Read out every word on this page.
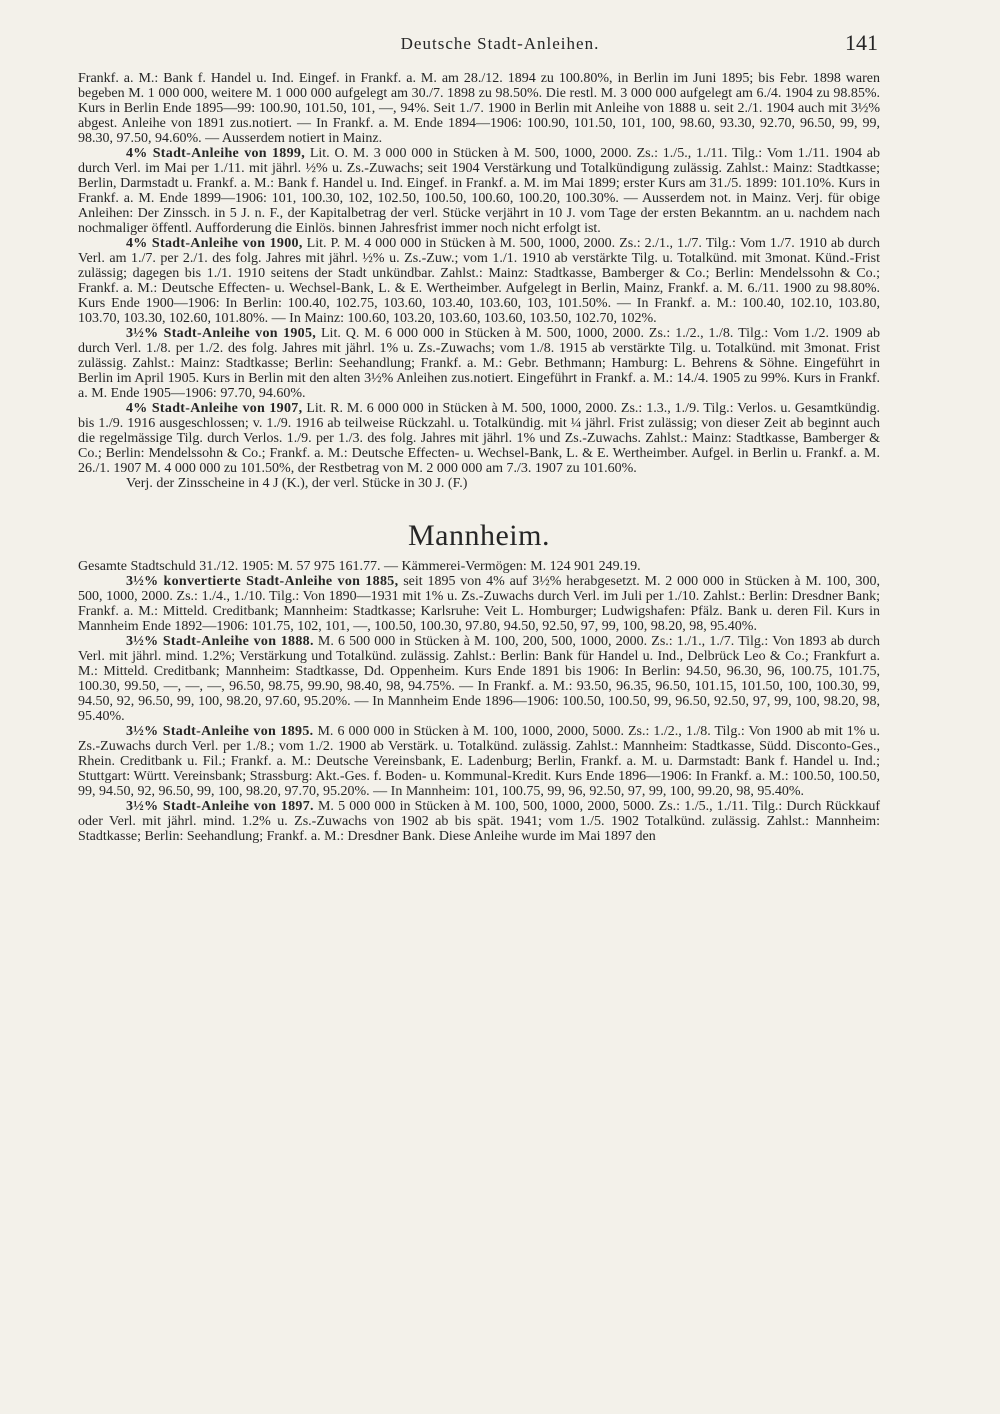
Deutsche Stadt-Anleihen.	141

Frankf. a. M.: Bank f. Handel u. Ind. Eingef. in Frankf. a. M. am 28./12. 1894 zu 100.80%, in Berlin im Juni 1895; bis Febr. 1898 waren begeben M. 1 000 000, weitere M. 1 000 000 aufgelegt am 30./7. 1898 zu 98.50%. Die restl. M. 3 000 000 aufgelegt am 6./4. 1904 zu 98.85%. Kurs in Berlin Ende 1895—99: 100.90, 101.50, 101, —, 94%. Seit 1./7. 1900 in Berlin mit Anleihe von 1888 u. seit 2./1. 1904 auch mit 3½% abgest. Anleihe von 1891 zus.notiert. — In Frankf. a. M. Ende 1894—1906: 100.90, 101.50, 101, 100, 98.60, 93.30, 92.70, 96.50, 99, 99, 98.30, 97.50, 94.60%. — Ausserdem notiert in Mainz.

4% Stadt-Anleihe von 1899, Lit. O. M. 3 000 000 in Stücken à M. 500, 1000, 2000. Zs.: 1./5., 1./11. Tilg.: Vom 1./11. 1904 ab durch Verl. im Mai per 1./11. mit jährl. ½% u. Zs.-Zuwachs; seit 1904 Verstärkung und Totalkündigung zulässig. Zahlst.: Mainz: Stadtkasse; Berlin, Darmstadt u. Frankf. a. M.: Bank f. Handel u. Ind. Eingef. in Frankf. a. M. im Mai 1899; erster Kurs am 31./5. 1899: 101.10%. Kurs in Frankf. a. M. Ende 1899—1906: 101, 100.30, 102, 102.50, 100.50, 100.60, 100.20, 100.30%. — Ausserdem not. in Mainz. Verj. für obige Anleihen: Der Zinssch. in 5 J. n. F., der Kapitalbetrag der verl. Stücke verjährt in 10 J. vom Tage der ersten Bekanntm. an u. nachdem nach nochmaliger öffentl. Aufforderung die Einlös. binnen Jahresfrist immer noch nicht erfolgt ist.

4% Stadt-Anleihe von 1900, Lit. P. M. 4 000 000 in Stücken à M. 500, 1000, 2000. Zs.: 2./1., 1./7. Tilg.: Vom 1./7. 1910 ab durch Verl. am 1./7. per 2./1. des folg. Jahres mit jährl. ½% u. Zs.-Zuw.; vom 1./1. 1910 ab verstärkte Tilg. u. Totalkünd. mit 3monat. Künd.-Frist zulässig; dagegen bis 1./1. 1910 seitens der Stadt unkündbar. Zahlst.: Mainz: Stadtkasse, Bamberger & Co.; Berlin: Mendelssohn & Co.; Frankf. a. M.: Deutsche Effecten- u. Wechsel-Bank, L. & E. Wertheimber. Aufgelegt in Berlin, Mainz, Frankf. a. M. 6./11. 1900 zu 98.80%. Kurs Ende 1900—1906: In Berlin: 100.40, 102.75, 103.60, 103.40, 103.60, 103, 101.50%. — In Frankf. a. M.: 100.40, 102.10, 103.80, 103.70, 103.30, 102.60, 101.80%. — In Mainz: 100.60, 103.20, 103.60, 103.60, 103.50, 102.70, 102%.

3½% Stadt-Anleihe von 1905, Lit. Q. M. 6 000 000 in Stücken à M. 500, 1000, 2000. Zs.: 1./2., 1./8. Tilg.: Vom 1./2. 1909 ab durch Verl. 1./8. per 1./2. des folg. Jahres mit jährl. 1% u. Zs.-Zuwachs; vom 1./8. 1915 ab verstärkte Tilg. u. Totalkünd. mit 3monat. Frist zulässig. Zahlst.: Mainz: Stadtkasse; Berlin: Seehandlung; Frankf. a. M.: Gebr. Bethmann; Hamburg: L. Behrens & Söhne. Eingeführt in Berlin im April 1905. Kurs in Berlin mit den alten 3½% Anleihen zus.notiert. Eingeführt in Frankf. a. M.: 14./4. 1905 zu 99%. Kurs in Frankf. a. M. Ende 1905—1906: 97.70, 94.60%.

4% Stadt-Anleihe von 1907, Lit. R. M. 6 000 000 in Stücken à M. 500, 1000, 2000. Zs.: 1.3., 1./9. Tilg.: Verlos. u. Gesamtkündig. bis 1./9. 1916 ausgeschlossen; v. 1./9. 1916 ab teilweise Rückzahl. u. Totalkündig. mit ¼ jährl. Frist zulässig; von dieser Zeit ab beginnt auch die regelmässige Tilg. durch Verlos. 1./9. per 1./3. des folg. Jahres mit jährl. 1% und Zs.-Zuwachs. Zahlst.: Mainz: Stadtkasse, Bamberger & Co.; Berlin: Mendelssohn & Co.; Frankf. a. M.: Deutsche Effecten- u. Wechsel-Bank, L. & E. Wertheimber. Aufgel. in Berlin u. Frankf. a. M. 26./1. 1907 M. 4 000 000 zu 101.50%, der Restbetrag von M. 2 000 000 am 7./3. 1907 zu 101.60%.

Verj. der Zinsscheine in 4 J (K.), der verl. Stücke in 30 J. (F.)

Mannheim.

Gesamte Stadtschuld 31./12. 1905: M. 57 975 161.77. — Kämmerei-Vermögen: M. 124 901 249.19.

3½% konvertierte Stadt-Anleihe von 1885, seit 1895 von 4% auf 3½% herabgesetzt. M. 2 000 000 in Stücken à M. 100, 300, 500, 1000, 2000. Zs.: 1./4., 1./10. Tilg.: Von 1890—1931 mit 1% u. Zs.-Zuwachs durch Verl. im Juli per 1./10. Zahlst.: Berlin: Dresdner Bank; Frankf. a. M.: Mitteld. Creditbank; Mannheim: Stadtkasse; Karlsruhe: Veit L. Homburger; Ludwigshafen: Pfälz. Bank u. deren Fil. Kurs in Mannheim Ende 1892—1906: 101.75, 102, 101, —, 100.50, 100.30, 97.80, 94.50, 92.50, 97, 99, 100, 98.20, 98, 95.40%.

3½% Stadt-Anleihe von 1888. M. 6 500 000 in Stücken à M. 100, 200, 500, 1000, 2000. Zs.: 1./1., 1./7. Tilg.: Von 1893 ab durch Verl. mit jährl. mind. 1.2%; Verstärkung und Totalkünd. zulässig. Zahlst.: Berlin: Bank für Handel u. Ind., Delbrück Leo & Co.; Frankfurt a. M.: Mitteld. Creditbank; Mannheim: Stadtkasse, Dd. Oppenheim. Kurs Ende 1891 bis 1906: In Berlin: 94.50, 96.30, 96, 100.75, 101.75, 100.30, 99.50, —, —, —, 96.50, 98.75, 99.90, 98.40, 98, 94.75%. — In Frankf. a. M.: 93.50, 96.35, 96.50, 101.15, 101.50, 100, 100.30, 99, 94.50, 92, 96.50, 99, 100, 98.20, 97.60, 95.20%. — In Mannheim Ende 1896—1906: 100.50, 100.50, 99, 96.50, 92.50, 97, 99, 100, 98.20, 98, 95.40%.

3½% Stadt-Anleihe von 1895. M. 6 000 000 in Stücken à M. 100, 1000, 2000, 5000. Zs.: 1./2., 1./8. Tilg.: Von 1900 ab mit 1% u. Zs.-Zuwachs durch Verl. per 1./8.; vom 1./2. 1900 ab Verstärk. u. Totalkünd. zulässig. Zahlst.: Mannheim: Stadtkasse, Südd. Disconto-Ges., Rhein. Creditbank u. Fil.; Frankf. a. M.: Deutsche Vereinsbank, E. Ladenburg; Berlin, Frankf. a. M. u. Darmstadt: Bank f. Handel u. Ind.; Stuttgart: Württ. Vereinsbank; Strassburg: Akt.-Ges. f. Boden- u. Kommunal-Kredit. Kurs Ende 1896—1906: In Frankf. a. M.: 100.50, 100.50, 99, 94.50, 92, 96.50, 99, 100, 98.20, 97.70, 95.20%. — In Mannheim: 101, 100.75, 99, 96, 92.50, 97, 99, 100, 99.20, 98, 95.40%.

3½% Stadt-Anleihe von 1897. M. 5 000 000 in Stücken à M. 100, 500, 1000, 2000, 5000. Zs.: 1./5., 1./11. Tilg.: Durch Rückkauf oder Verl. mit jährl. mind. 1.2% u. Zs.-Zuwachs von 1902 ab bis spät. 1941; vom 1./5. 1902 Totalkünd. zulässig. Zahlst.: Mannheim: Stadtkasse; Berlin: Seehandlung; Frankf. a. M.: Dresdner Bank. Diese Anleihe wurde im Mai 1897 den
